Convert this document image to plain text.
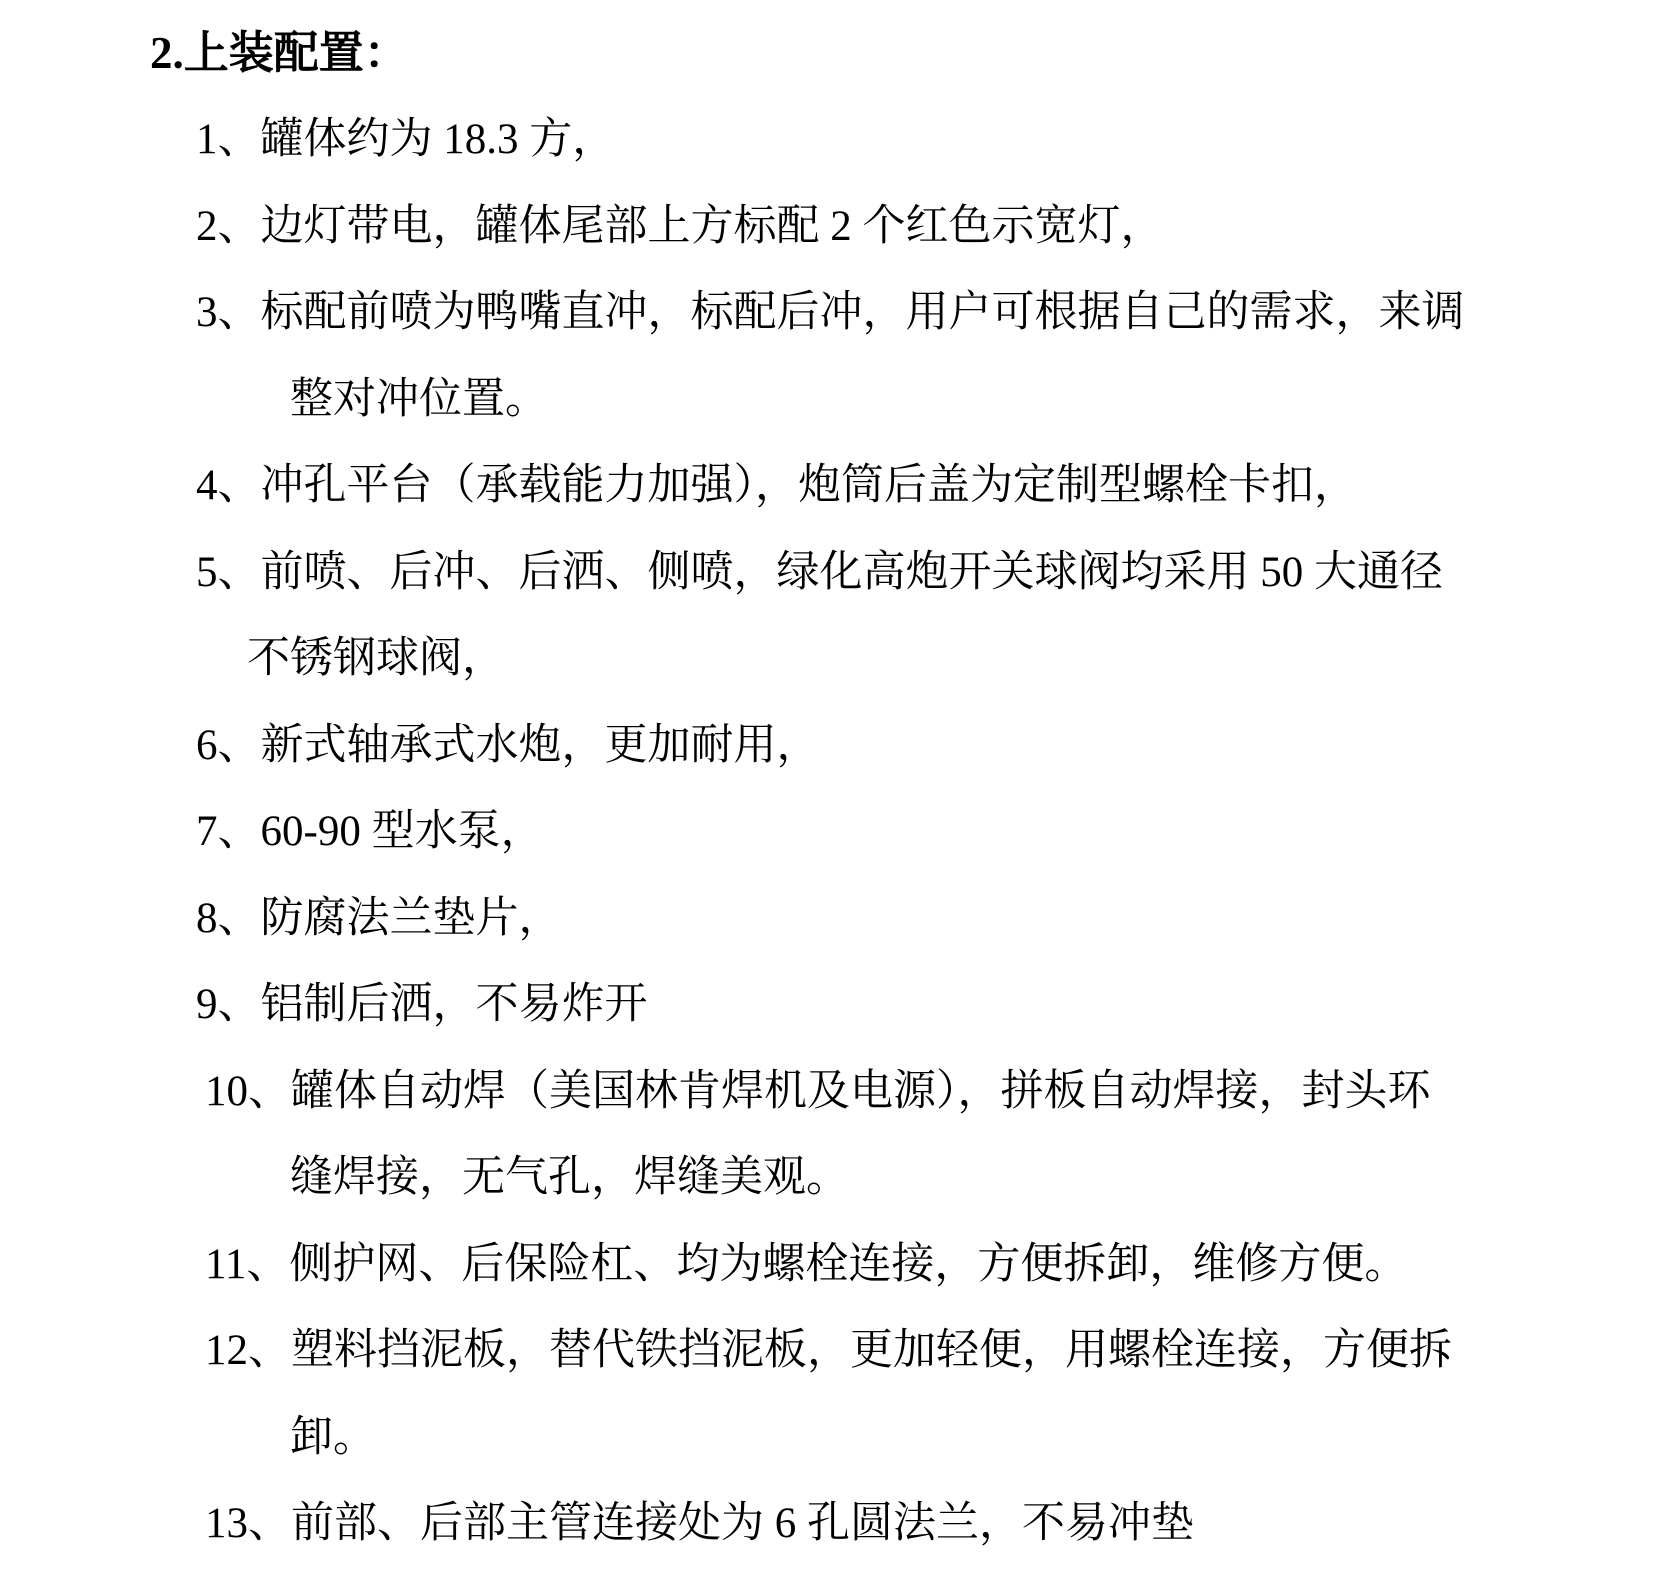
2.上装配置：
1、罐体约为 18.3 方，
2、边灯带电，罐体尾部上方标配 2 个红色示宽灯，
3、标配前喷为鸭嘴直冲，标配后冲，用户可根据自己的需求，来调
整对冲位置。
4、冲孔平台（承载能力加强），炮筒后盖为定制型螺栓卡扣，
5、前喷、后冲、后洒、侧喷，绿化高炮开关球阀均采用 50 大通径
不锈钢球阀，
6、新式轴承式水炮，更加耐用，
7、60-90 型水泵，
8、防腐法兰垫片，
9、铝制后洒，不易炸开
10、罐体自动焊（美国林肯焊机及电源），拼板自动焊接，封头环
缝焊接，无气孔，焊缝美观。
11、侧护网、后保险杠、均为螺栓连接，方便拆卸，维修方便。
12、塑料挡泥板，替代铁挡泥板，更加轻便，用螺栓连接，方便拆
卸。
13、前部、后部主管连接处为 6 孔圆法兰，不易冲垫
